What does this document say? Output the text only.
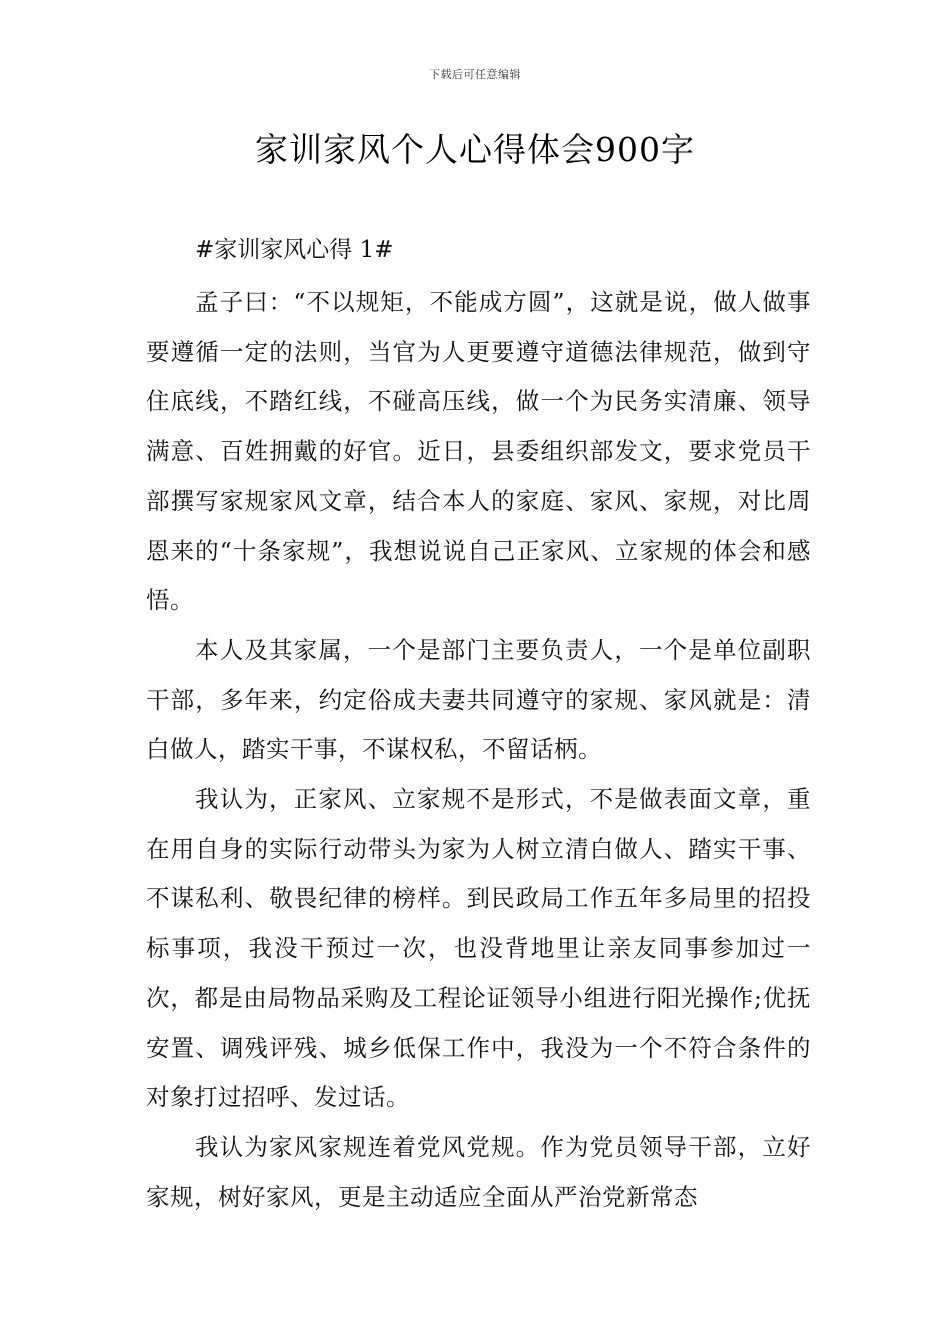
下载后可任意编辑
家训家风个人心得体会900字
#家训家风心得 1#

孟子曰：“不以规矩，不能成方圆”，这就是说，做人做事要遵循一定的法则，当官为人更要遵守道德法律规范，做到守住底线，不踏红线，不碰高压线，做一个为民务实清廉、领导满意、百姓拥戴的好官。近日，县委组织部发文，要求党员干部撰写家规家风文章，结合本人的家庭、家风、家规，对比周恩来的“十条家规”，我想说说自己正家风、立家规的体会和感悟。

本人及其家属，一个是部门主要负责人，一个是单位副职干部，多年来，约定俗成夫妻共同遵守的家规、家风就是：清白做人，踏实干事，不谋权私，不留话柄。

我认为，正家风、立家规不是形式，不是做表面文章，重在用自身的实际行动带头为家为人树立清白做人、踏实干事、不谋私利、敬畏纪律的榜样。到民政局工作五年多局里的招投标事项，我没干预过一次，也没背地里让亲友同事参加过一次，都是由局物品采购及工程论证领导小组进行阳光操作;优抚安置、调残评残、城乡低保工作中，我没为一个不符合条件的对象打过招呼、发过话。

我认为家风家规连着党风党规。作为党员领导干部，立好家规，树好家风，更是主动适应全面从严治党新常态
